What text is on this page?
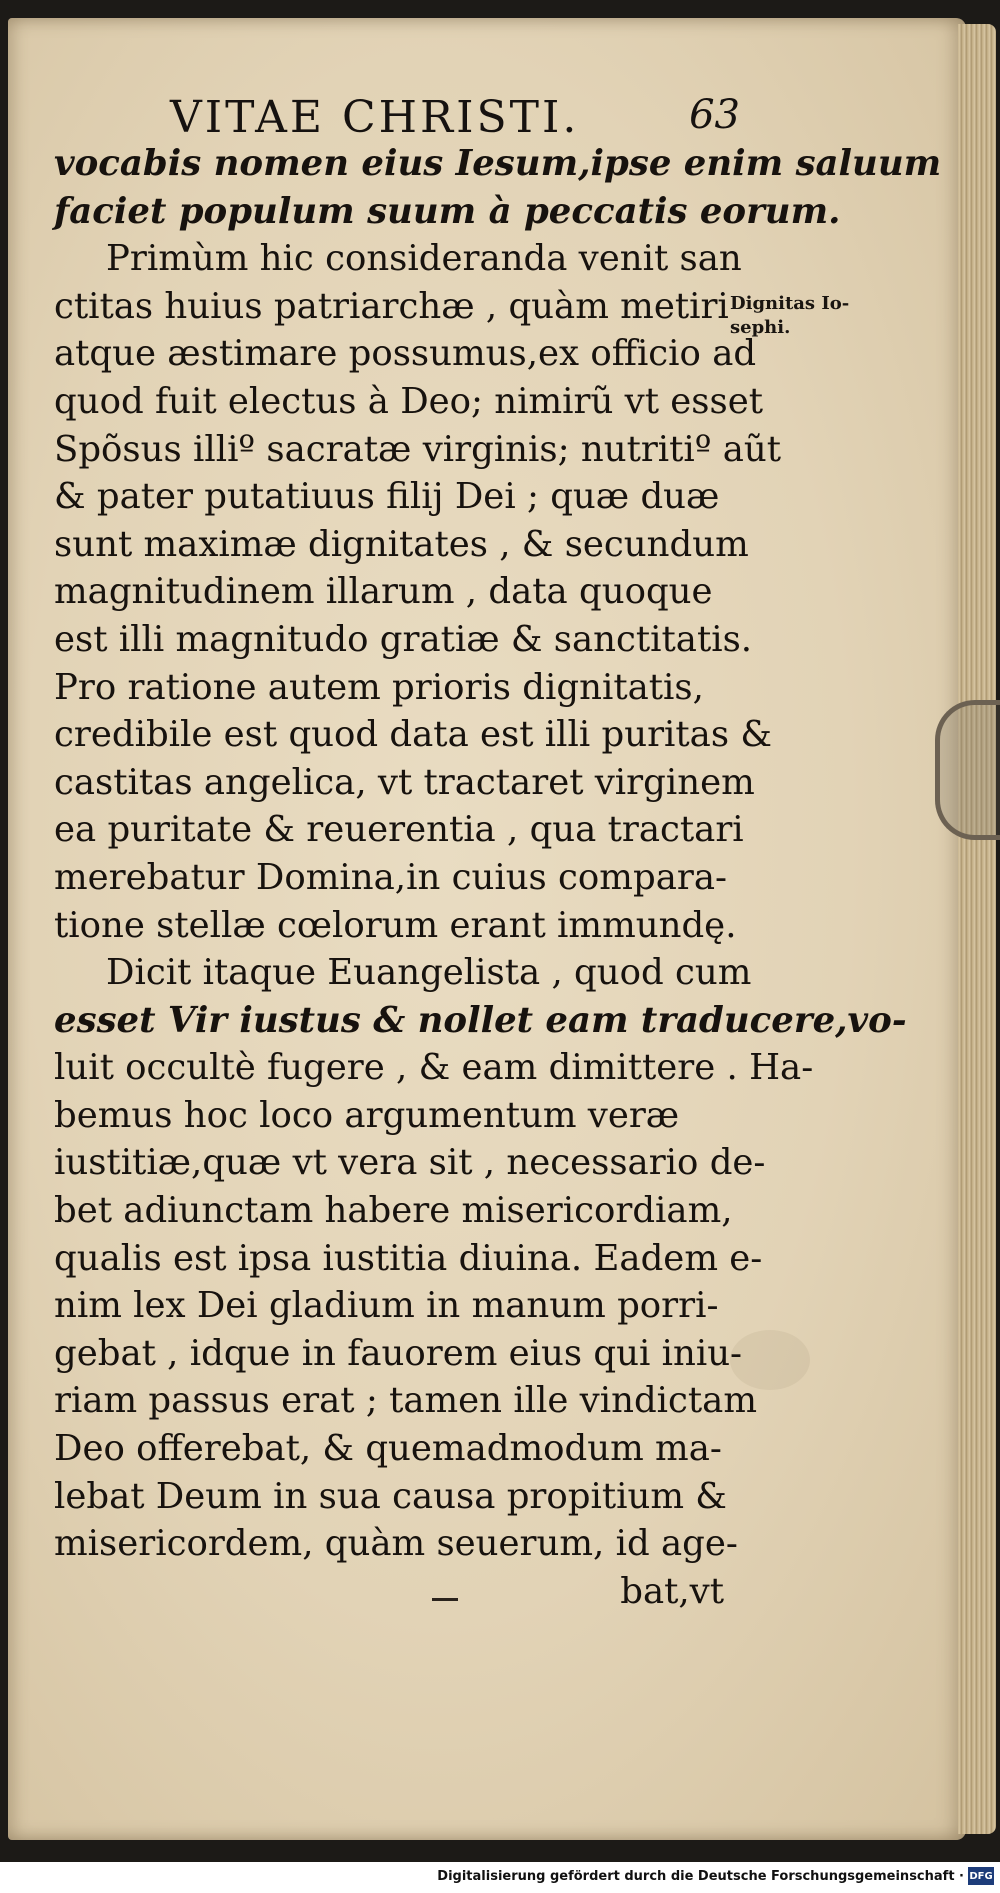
VITAE CHRISTI.	63
Dignitas Io-
sephi.
vocabis nomen eius Iesum,ipse enim saluum
faciet populum suum à peccatis eorum.
Primùm hic consideranda venit san
ctitas huius patriarchæ , quàm metiri
atque æstimare possumus,ex officio ad
quod fuit electus à Deo; nimirũ vt esset
Spõsus illiº sacratæ virginis; nutritiº aũt
& pater putatiuus filij Dei ; quæ duæ
sunt maximæ dignitates , & secundum
magnitudinem illarum , data quoque
est illi magnitudo gratiæ & sanctitatis.
Pro ratione autem prioris dignitatis,
credibile est quod data est illi puritas &
castitas angelica, vt tractaret virginem
ea puritate & reuerentia , qua tractari
merebatur Domina,in cuius compara-
tione stellæ cœlorum erant immundę.
Dicit itaque Euangelista , quod cum
esset Vir iustus & nollet eam traducere,vo-
luit occultè fugere , & eam dimittere . Ha-
bemus hoc loco argumentum veræ
iustitiæ,quæ vt vera sit , necessario de-
bet adiunctam habere misericordiam,
qualis est ipsa iustitia diuina. Eadem e-
nim lex Dei gladium in manum porri-
gebat , idque in fauorem eius qui iniu-
riam passus erat ; tamen ille vindictam
Deo offerebat, & quemadmodum ma-
lebat Deum in sua causa propitium &
misericordem, quàm seuerum, id age-
bat,vt
Digitalisierung gefördert durch die Deutsche Forschungsgemeinschaft · DFG
